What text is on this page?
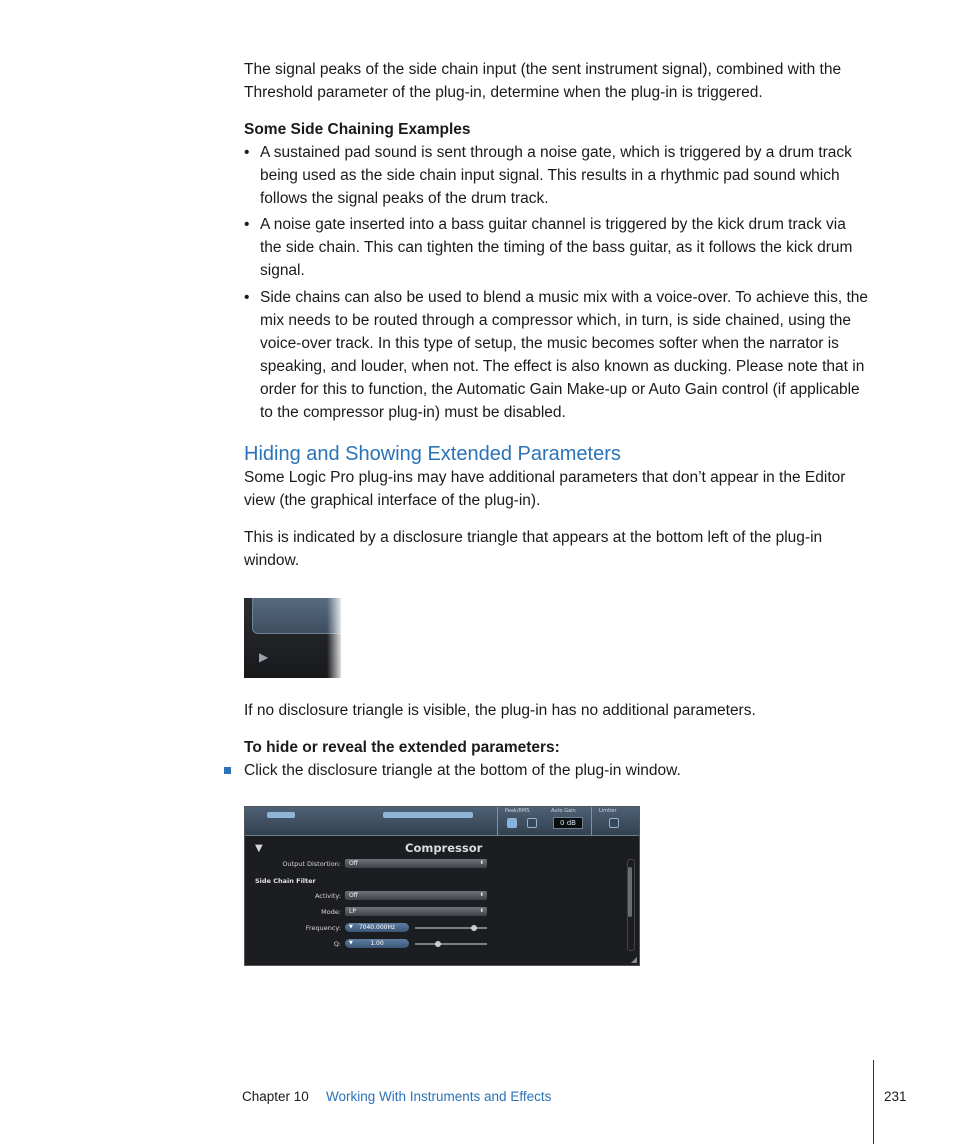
The signal peaks of the side chain input (the sent instrument signal), combined with the Threshold parameter of the plug-in, determine when the plug-in is triggered.
Some Side Chaining Examples
• A sustained pad sound is sent through a noise gate, which is triggered by a drum track being used as the side chain input signal. This results in a rhythmic pad sound which follows the signal peaks of the drum track.
• A noise gate inserted into a bass guitar channel is triggered by the kick drum track via the side chain. This can tighten the timing of the bass guitar, as it follows the kick drum signal.
• Side chains can also be used to blend a music mix with a voice-over. To achieve this, the mix needs to be routed through a compressor which, in turn, is side chained, using the voice-over track. In this type of setup, the music becomes softer when the narrator is speaking, and louder, when not. The effect is also known as ducking. Please note that in order for this to function, the Automatic Gain Make-up or Auto Gain control (if applicable to the compressor plug-in) must be disabled.
Hiding and Showing Extended Parameters
Some Logic Pro plug-ins may have additional parameters that don’t appear in the Editor view (the graphical interface of the plug-in).
This is indicated by a disclosure triangle that appears at the bottom left of the plug-in window.
▶
If no disclosure triangle is visible, the plug-in has no additional parameters.
To hide or reveal the extended parameters:
Click the disclosure triangle at the bottom of the plug-in window.
Peak/RMS	Auto Gain	Limiter
0 dB
▼	Compressor
Output Distortion:	Off	⬍
Side Chain Filter
Activity:	Off	⬍
Mode:	LP	⬍
Frequency: ▼ 7040.000Hz
Q: ▼	1.00
◢
Chapter 10 Working With Instruments and Effects	231
